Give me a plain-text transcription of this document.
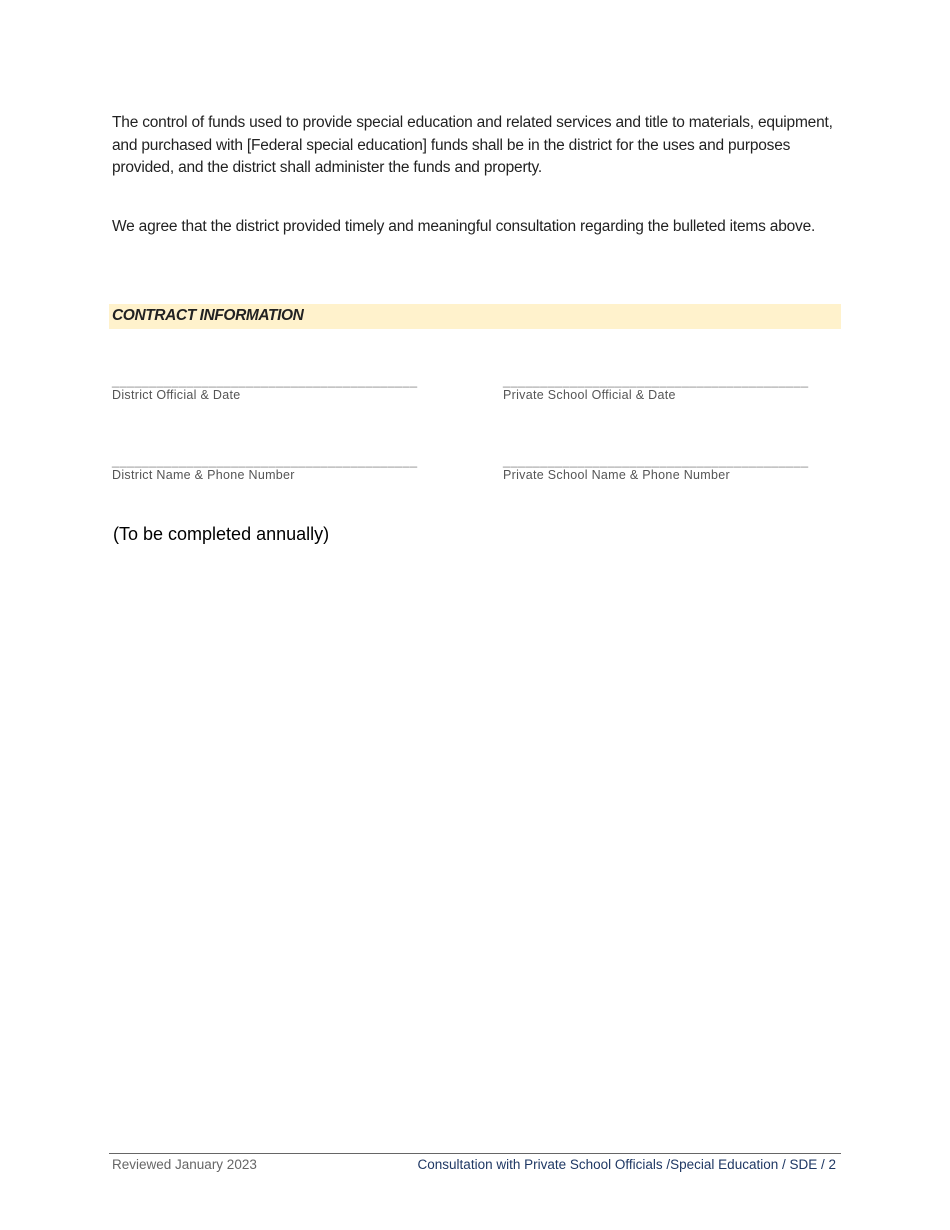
The control of funds used to provide special education and related services and title to materials, equipment, and purchased with [Federal special education] funds shall be in the district for the uses and purposes provided, and the district shall administer the funds and property.

We agree that the district provided timely and meaningful consultation regarding the bulleted items above.

CONTRACT INFORMATION
_________________________________________
District Official & Date
_________________________________________
Private School Official & Date
_________________________________________
District Name & Phone Number
_________________________________________
Private School Name & Phone Number
(To be completed annually)
Reviewed January 2023	Consultation with Private School Officials /Special Education / SDE / 2
